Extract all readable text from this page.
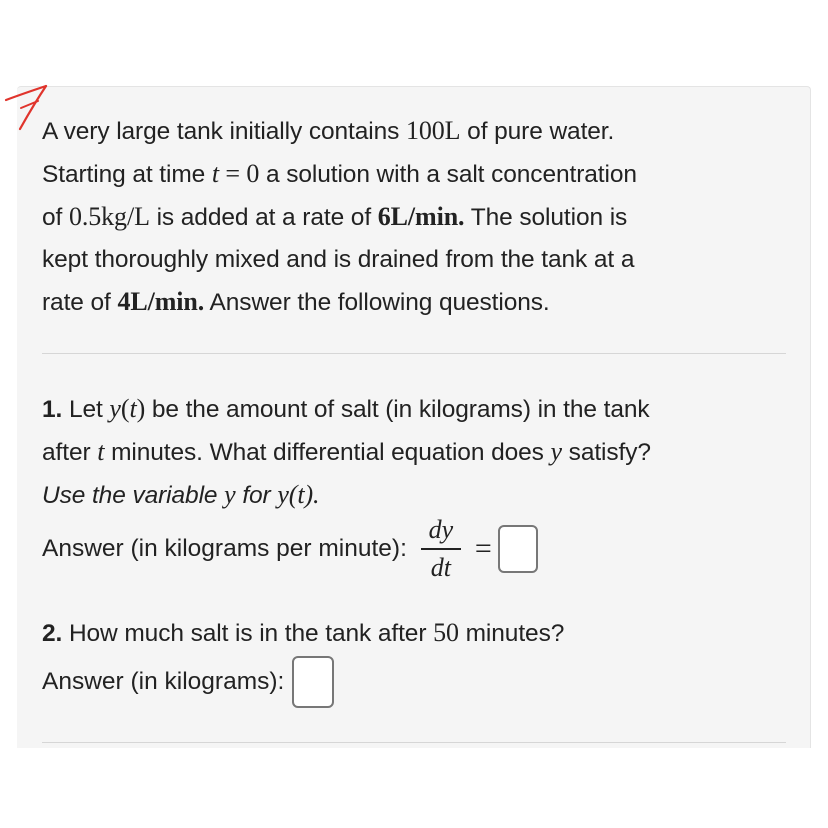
A very large tank initially contains 100L of pure water.
Starting at time t = 0 a solution with a salt concentration
of 0.5kg/L is added at a rate of 6L/min. The solution is
kept thoroughly mixed and is drained from the tank at a
rate of 4L/min. Answer the following questions.
1. Let y(t) be the amount of salt (in kilograms) in the tank
after t minutes. What differential equation does y satisfy?
Use the variable y for y(t).
Answer (in kilograms per minute): $\frac{dy}{dt}$ =
2. How much salt is in the tank after 50 minutes?
Answer (in kilograms):
